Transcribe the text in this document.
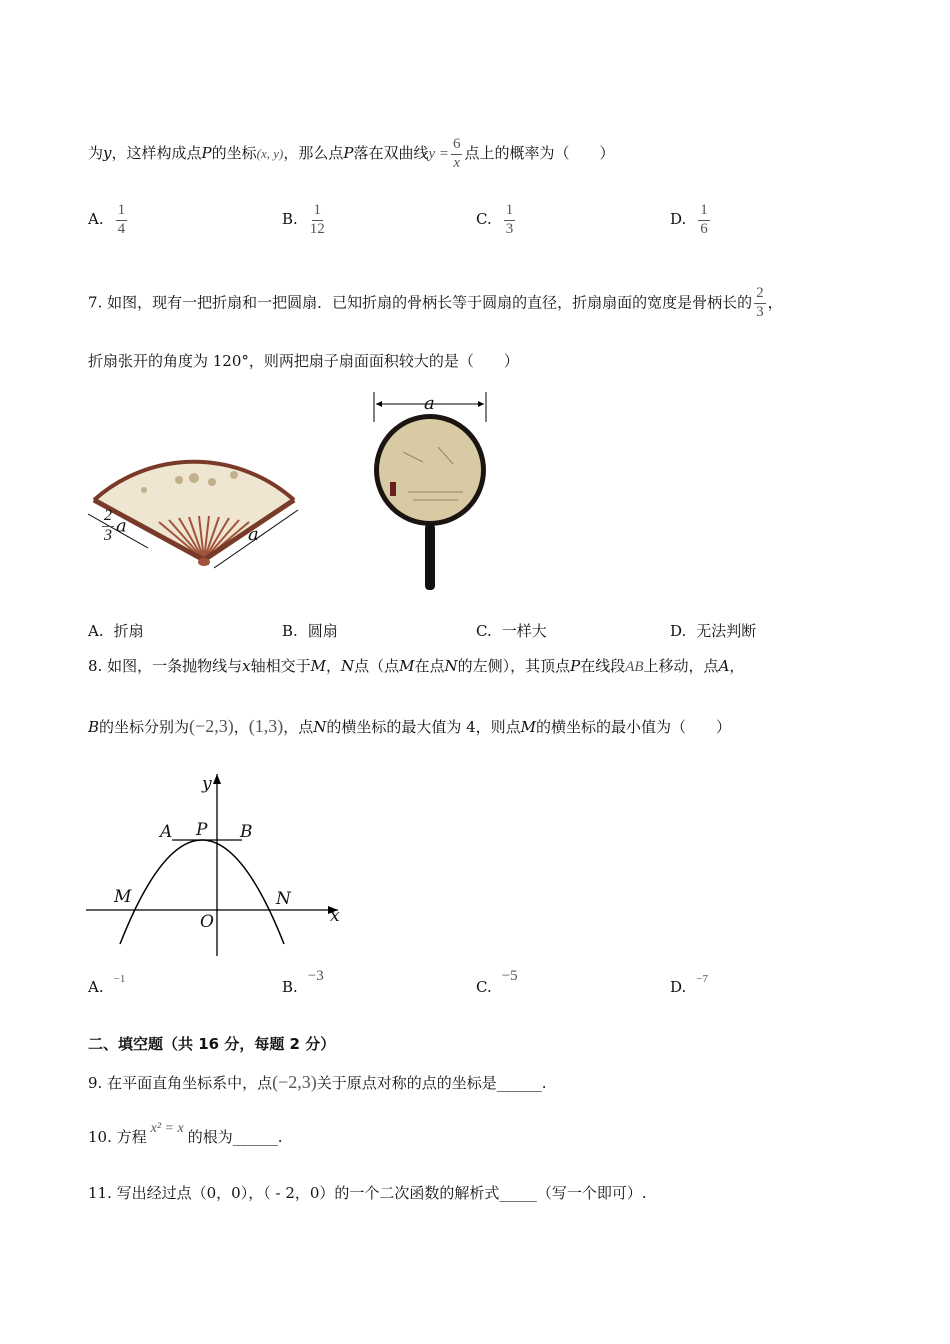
为y，这样构成点P的坐标(x, y)，那么点P落在双曲线$y = \frac{6}{x}$ 点上的概率为（　　）
A. $\frac{1}{4}$	B. $\frac{1}{12}$	C. $\frac{1}{3}$	D. $\frac{1}{6}$
7. 如图，现有一把折扇和一把圆扇．已知折扇的骨柄长等于圆扇的直径，折扇扇面的宽度是骨柄长的 $\frac{2}{3}$ ，
折扇张开的角度为 120°，则两把扇子扇面面积较大的是（　　）
$\frac{2}{3}$ a	a
a
A. 折扇	B. 圆扇	C. 一样大	D. 无法判断
8. 如图，一条抛物线与x轴相交于M，N点（点M在点N的左侧），其顶点P在线段AB上移动，点A，
B的坐标分别为(−2,3)，(1,3)，点N的横坐标的最大值为 4，则点M的横坐标的最小值为（　　）
y
x
O
A P B
M	N
A. $^{-1}$	B.−3
C.−5
D. $^{-7}$
二、填空题（共 16 分，每题 2 分）
9. 在平面直角坐标系中，点(−2,3)关于原点对称的点的坐标是______.
10. 方程 x² = x 的根为______.
11. 写出经过点（0，0），（ - 2，0）的一个二次函数的解析式_____（写一个即可）.
